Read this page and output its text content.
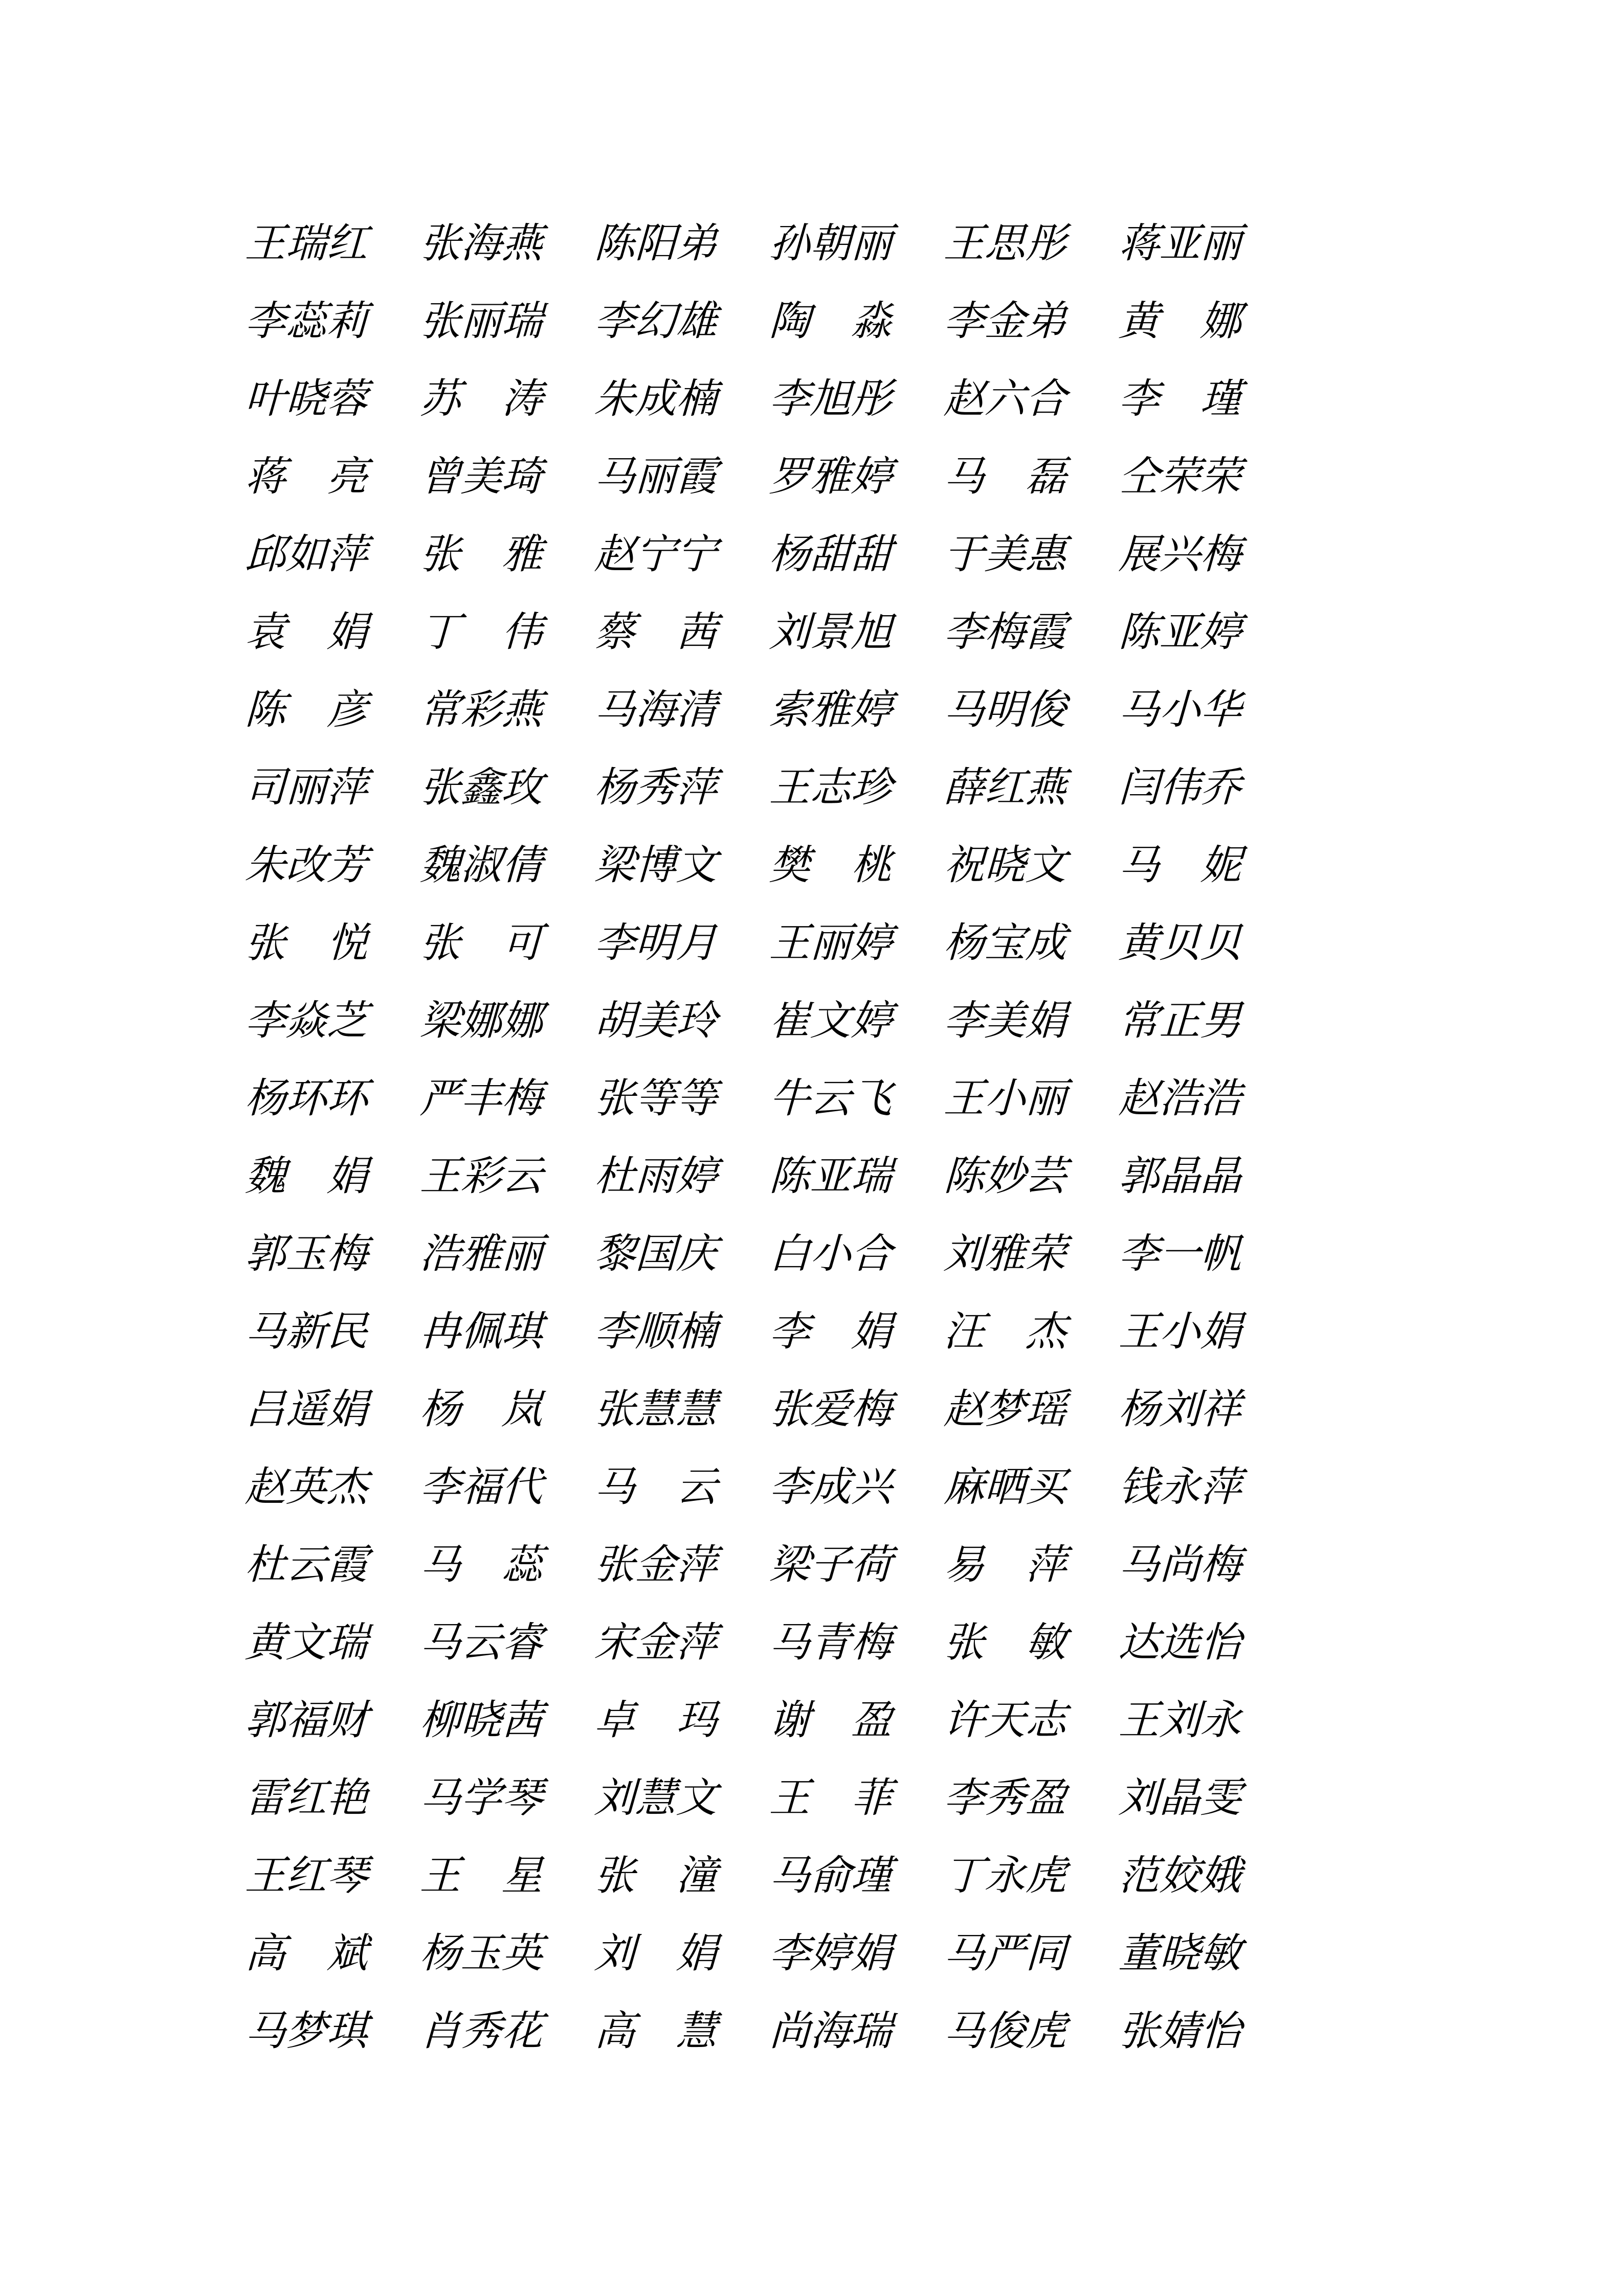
王
瑞
红 张
海
燕 陈
阳
弟 孙
朝
丽 王
思
彤 蒋
亚
丽
李
蕊
莉 张
丽
瑞 李
幻
雄 陶 淼 李
金
弟 黄 娜
叶
晓
蓉 苏 涛 朱
成
楠 李
旭
彤 赵
六
合 李 瑾
蒋 亮 曾
美
琦 马
丽
霞 罗
雅
婷 马 磊 仝
荣
荣
邱
如
萍 张 雅 赵
宁
宁 杨
甜
甜 于
美
惠 展
兴
梅
袁 娟 丁 伟 蔡 茜 刘
景
旭 李
梅
霞 陈
亚
婷
陈 彦 常
彩
燕 马
海
清 索
雅
婷 马
明
俊 马
小
华
司
丽
萍 张
鑫
玫 杨
秀
萍 王
志
珍 薛
红
燕 闫
伟
乔
朱
改
芳 魏
淑
倩 梁
博
文 樊 桃 祝
晓
文 马 妮
张 悦 张 可 李
明
月 王
丽
婷 杨
宝
成 黄
贝
贝
李
焱
芝 梁
娜
娜 胡
美
玲 崔
文
婷 李
美
娟 常
正
男
杨
环
环 严
丰
梅 张
等
等 牛
云
飞 王
小
丽 赵
浩
浩
魏 娟 王
彩
云 杜
雨
婷 陈
亚
瑞 陈
妙
芸 郭
晶
晶
郭
玉
梅 浩
雅
丽 黎
国
庆 白
小
合 刘
雅
荣 李
一
帆
马
新
民 冉
佩
琪 李
顺
楠 李 娟 汪 杰 王
小
娟
吕
遥
娟 杨 岚 张
慧
慧 张
爱
梅 赵
梦
瑶 杨
刘
祥
赵
英
杰 李
福
代 马 云 李
成
兴 麻
晒
买 钱
永
萍
杜
云
霞 马 蕊 张
金
萍 梁
子
荷 易 萍 马
尚
梅
黄
文
瑞 马
云
睿 宋
金
萍 马
青
梅 张 敏 达
选
怡
郭
福
财 柳
晓
茜 卓 玛 谢 盈 许
天
志 王
刘
永
雷
红
艳 马
学
琴 刘
慧
文 王 菲 李
秀
盈 刘
晶
雯
王
红
琴 王 星 张 潼 马
俞
瑾 丁
永
虎 范
姣
娥
高 斌 杨
玉
英 刘 娟 李
婷
娟 马
严
同 董
晓
敏
马
梦
琪 肖
秀
花 高 慧 尚
海
瑞 马
俊
虎 张
婧
怡
